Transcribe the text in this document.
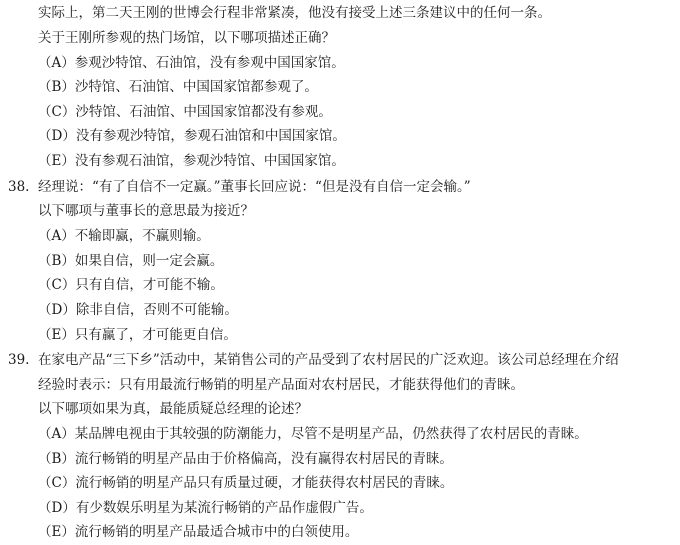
实际上，第二天王刚的世博会行程非常紧凑，他没有接受上述三条建议中的任何一条。
关于王刚所参观的热门场馆，以下哪项描述正确？
（A）参观沙特馆、石油馆，没有参观中国国家馆。
（B）沙特馆、石油馆、中国国家馆都参观了。
（C）沙特馆、石油馆、中国国家馆都没有参观。
（D）没有参观沙特馆，参观石油馆和中国国家馆。
（E）没有参观石油馆，参观沙特馆、中国国家馆。
38. 经理说：“有了自信不一定赢。”董事长回应说：“但是没有自信一定会输。”
以下哪项与董事长的意思最为接近？
（A）不输即赢，不赢则输。
（B）如果自信，则一定会赢。
（C）只有自信，才可能不输。
（D）除非自信，否则不可能输。
（E）只有赢了，才可能更自信。
39. 在家电产品“三下乡”活动中，某销售公司的产品受到了农村居民的广泛欢迎。该公司总经理在介绍
经验时表示：只有用最流行畅销的明星产品面对农村居民，才能获得他们的青睐。
以下哪项如果为真，最能质疑总经理的论述？
（A）某品牌电视由于其较强的防潮能力，尽管不是明星产品，仍然获得了农村居民的青睐。
（B）流行畅销的明星产品由于价格偏高，没有赢得农村居民的青睐。
（C）流行畅销的明星产品只有质量过硬，才能获得农村居民的青睐。
（D）有少数娱乐明星为某流行畅销的产品作虚假广告。
（E）流行畅销的明星产品最适合城市中的白领使用。
